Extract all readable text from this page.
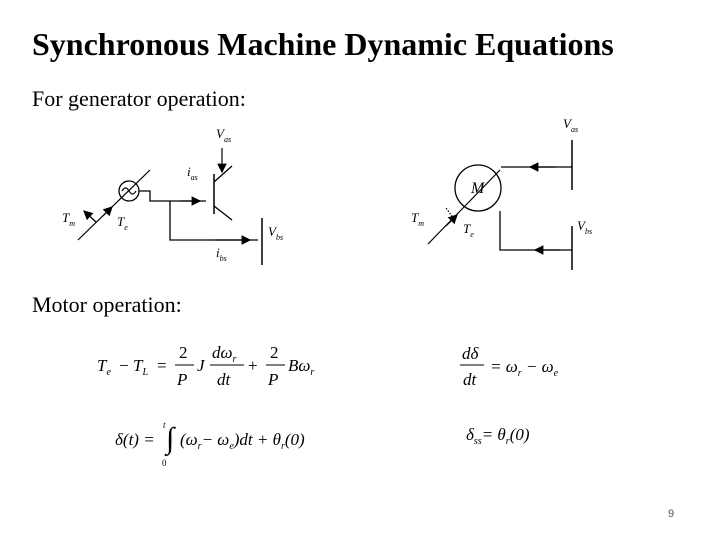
Synchronous Machine Dynamic Equations
For generator operation:
Motor operation:
9
$V_{as}$
$i_{as}$
$T_m$	$T_e$	$V_{bs}$
$i_{bs}$
M
$V_{as}$
$T_m$	$T_e$
$V_{bs}$
$T_e - T_L$ =
2
P
J
$d\omega_r$
dt
+
2
P
$B\omega_r$
dδ
dt
= $\omega_r - \omega_e$
δ(t) = ∫
t
0
$(\omega_r- \omega_e)dt + \theta_r(0)$	$\delta_{ss}= \theta_r(0)$
